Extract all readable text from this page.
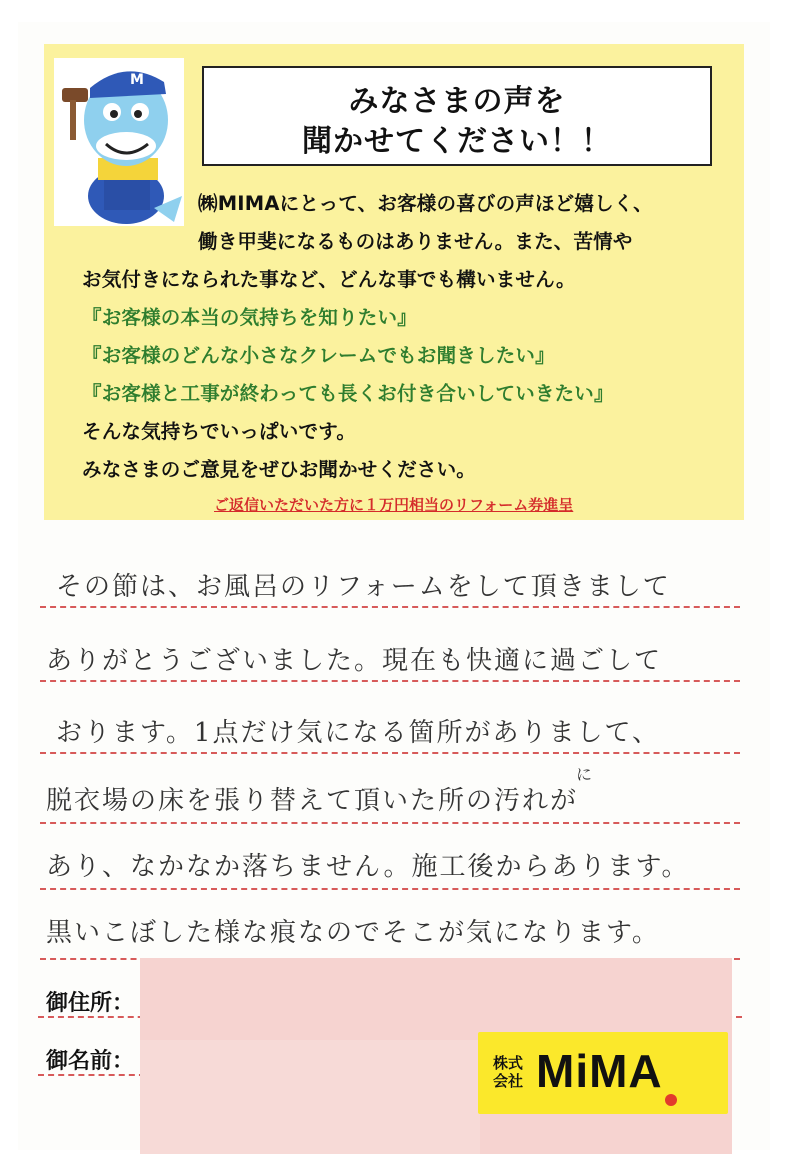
M
みなさまの声を
聞かせてください！！
㈱MIMAにとって、お客様の喜びの声ほど嬉しく、
働き甲斐になるものはありません。また、苦情や
お気付きになられた事など、どんな事でも構いません。
『お客様の本当の気持ちを知りたい』
『お客様のどんな小さなクレームでもお聞きしたい』
『お客様と工事が終わっても長くお付き合いしていきたい』
そんな気持ちでいっぱいです。
みなさまのご意見をぜひお聞かせください。
ご返信いただいた方に１万円相当のリフォーム券進呈
その節は、お風呂のリフォームをして頂きまして
ありがとうございました。現在も快適に過ごして
おります。1点だけ気になる箇所がありまして、
に
脱衣場の床を張り替えて頂いた所の汚れが
あり、なかなか落ちません。施工後からあります。
黒いこぼした様な痕なのでそこが気になります。
御住所：
御名前：	株式
会社 MiMA
